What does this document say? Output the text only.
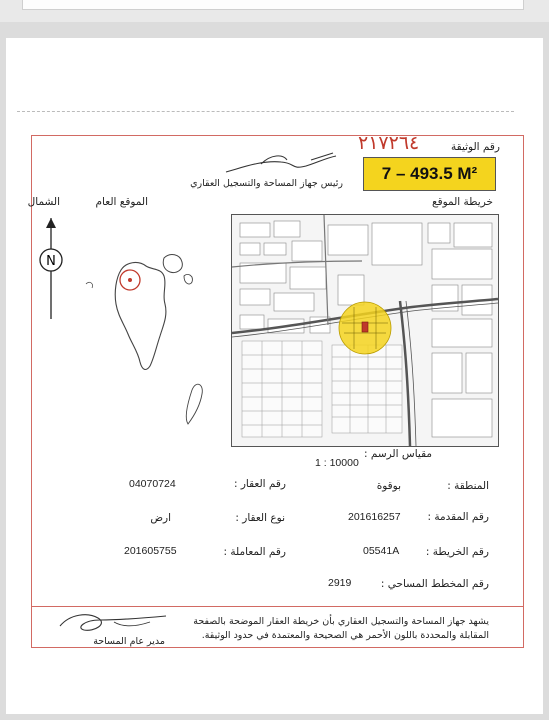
رقم الوثيقة
٢١٧٢٦٤
7 – 493.5 M²
رئيس جهاز المساحة والتسجيل العقاري
خريطة الموقع
الموقع العام
الشمال
N
مقياس الرسم :
1 : 10000
المنطقة :
بوقوة
رقم العقار :
04070724
رقم المقدمة :
201616257
نوع العقار :
ارض
رقم الخريطة :
05541A
رقم المعاملة :
201605755
رقم المخطط المساحي :
2919
مدير عام المساحة
يشهد جهاز المساحة والتسجيل العقاري بأن خريطة العقار الموضحة بالصفحة
المقابلة والمحددة باللون الأحمر هي الصحيحة والمعتمدة في حدود الوثيقة.
